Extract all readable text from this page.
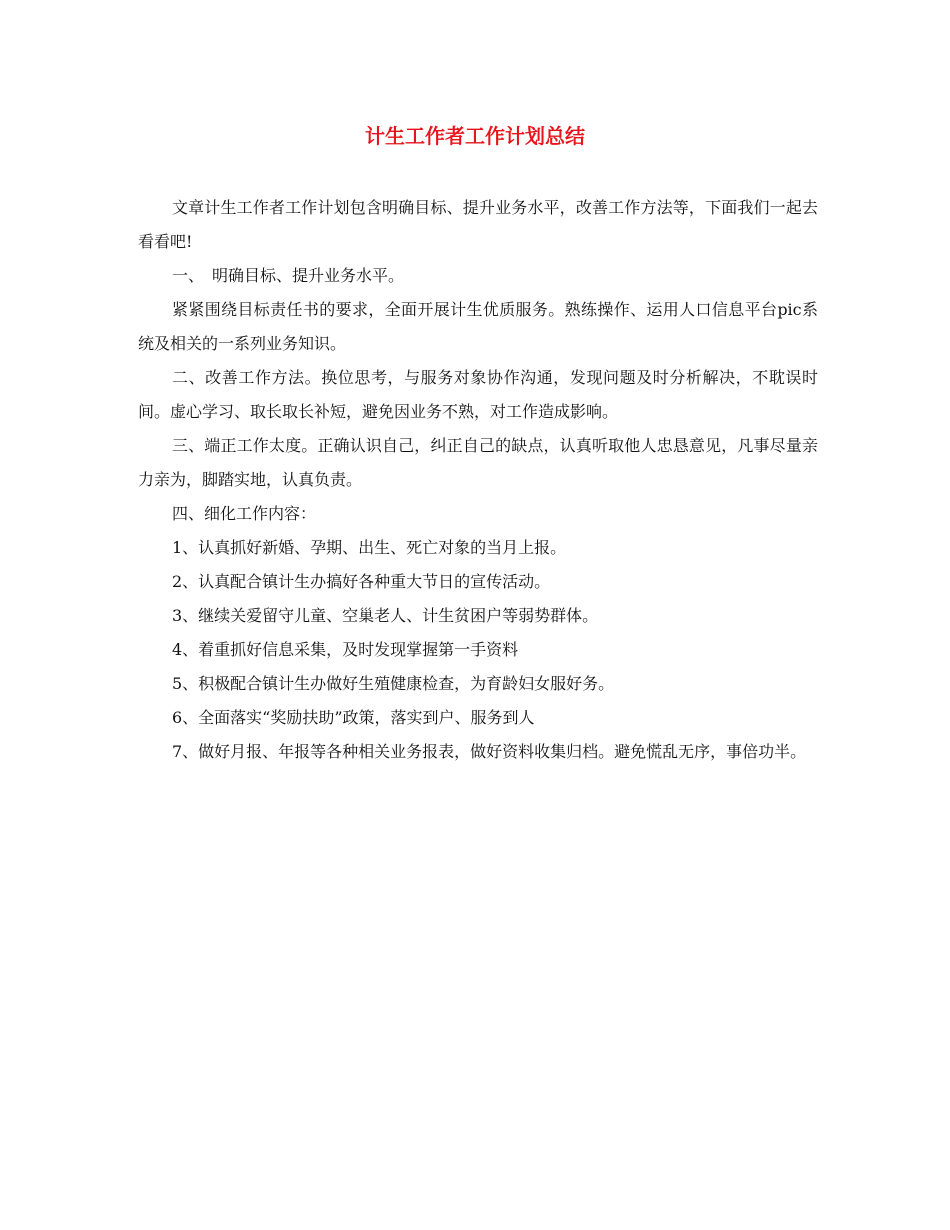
计生工作者工作计划总结

文章计生工作者工作计划包含明确目标、提升业务水平，改善工作方法等，下面我们一起去看看吧!

一、　明确目标、提升业务水平。

紧紧围绕目标责任书的要求，全面开展计生优质服务。熟练操作、运用人口信息平台pic系统及相关的一系列业务知识。

二、改善工作方法。换位思考，与服务对象协作沟通，发现问题及时分析解决，不耽误时间。虚心学习、取长取长补短，避免因业务不熟，对工作造成影响。

三、端正工作太度。正确认识自己，纠正自己的缺点，认真听取他人忠恳意见，凡事尽量亲力亲为，脚踏实地，认真负责。

四、细化工作内容：

1、认真抓好新婚、孕期、出生、死亡对象的当月上报。

2、认真配合镇计生办搞好各种重大节日的宣传活动。

3、继续关爱留守儿童、空巢老人、计生贫困户等弱势群体。

4、着重抓好信息采集，及时发现掌握第一手资料

5、积极配合镇计生办做好生殖健康检查，为育龄妇女服好务。

6、全面落实“奖励扶助”政策，落实到户、服务到人

7、做好月报、年报等各种相关业务报表，做好资料收集归档。避免慌乱无序，事倍功半。
